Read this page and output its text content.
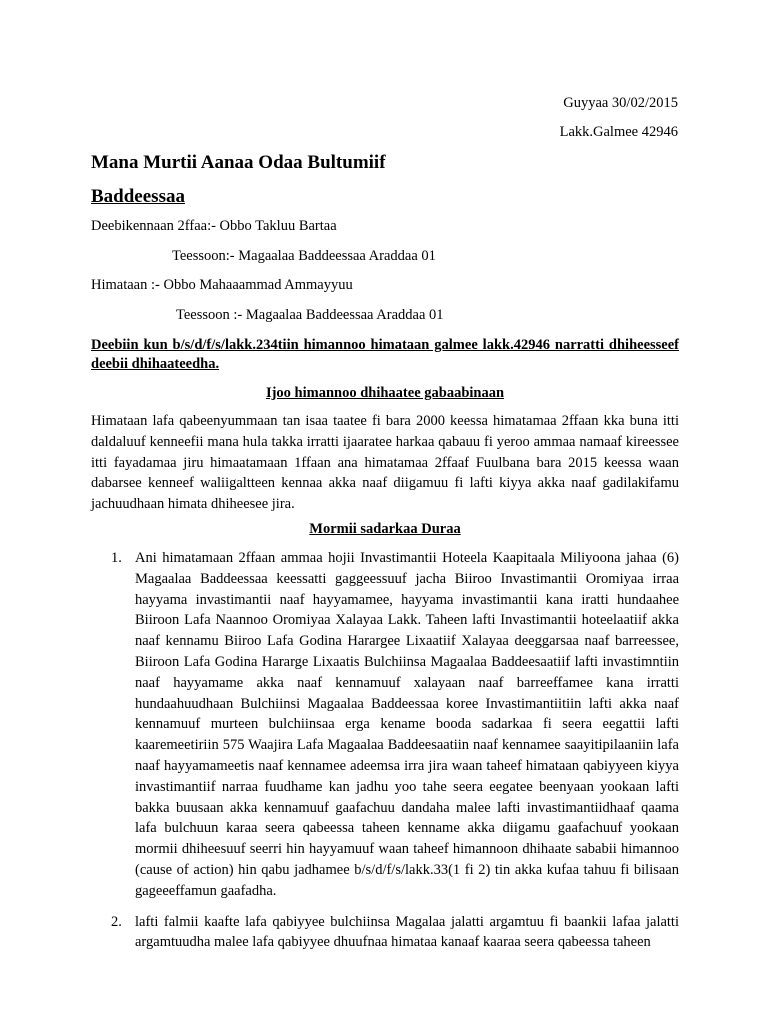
Guyyaa 30/02/2015
Lakk.Galmee 42946
Mana Murtii Aanaa Odaa Bultumiif
Baddeessaa
Deebikennaan 2ffaa:- Obbo Takluu Bartaa
Teessoon:- Magaalaa Baddeessaa Araddaa 01
Himataan :- Obbo Mahaaammad Ammayyuu
Teessoon :- Magaalaa Baddeessaa Araddaa 01
Deebiin kun b/s/d/f/s/lakk.234tiin himannoo himataan galmee lakk.42946 narratti dhiheesseef deebii dhihaateedha.
Ijoo himannoo dhihaatee gabaabinaan

Himataan lafa qabeenyummaan tan isaa taatee fi bara 2000 keessa himatamaa 2ffaan kka buna itti daldaluuf kenneefii mana hula takka irratti ijaaratee harkaa qabauu fi yeroo ammaa namaaf kireessee itti fayadamaa jiru himaatamaan 1ffaan ana himatamaa 2ffaaf Fuulbana bara 2015 keessa waan dabarsee kenneef waliigaltteen kennaa akka naaf diigamuu fi lafti kiyya akka naaf gadilakifamu jachuudhaan himata dhiheesee jira.

Mormii sadarkaa Duraa
1. Ani himatamaan 2ffaan ammaa hojii Invastimantii Hoteela Kaapitaala Miliyoona jahaa (6) Magaalaa Baddeessaa keessatti gaggeessuuf jacha Biiroo Invastimantii Oromiyaa irraa hayyama invastimantii naaf hayyamamee, hayyama invastimantii kana iratti hundaahee Biiroon Lafa Naannoo Oromiyaa Xalayaa Lakk. Taheen lafti Invastimantii hoteelaatiif akka naaf kennamu Biiroo Lafa Godina Harargee Lixaatiif Xalayaa deeggarsaa naaf barreessee, Biiroon Lafa Godina Hararge Lixaatis Bulchiinsa Magaalaa Baddeesaatiif lafti invastimntiin naaf hayyamame akka naaf kennamuuf xalayaan naaf barreeffamee kana irratti hundaahuudhaan Bulchiinsi Magaalaa Baddeessaa koree Invastimantiitiin lafti akka naaf kennamuuf murteen bulchiinsaa erga kename booda sadarkaa fi seera eegattii lafti kaaremeetiriin 575 Waajira Lafa Magaalaa Baddeesaatiin naaf kennamee saayitipilaaniin lafa naaf hayyamameetis naaf kennamee adeemsa irra jira waan taheef himataan qabiyyeen kiyya invastimantiif narraa fuudhame kan jadhu yoo tahe seera eegatee beenyaan yookaan lafti bakka buusaan akka kennamuuf gaafachuu dandaha malee lafti invastimantiidhaaf qaama lafa bulchuun karaa seera qabeessa taheen kenname akka diigamu gaafachuuf yookaan mormii dhiheesuuf seerri hin hayyamuuf waan taheef himannoon dhihaate sababii himannoo (cause of action) hin qabu jadhamee b/s/d/f/s/lakk.33(1 fi 2) tin akka kufaa tahuu fi bilisaan gageeeffamun gaafadha.
2. lafti falmii kaafte lafa qabiyyee bulchiinsa Magalaa jalatti argamtuu fi baankii lafaa jalatti argamtuudha malee lafa qabiyyee dhuufnaa himataa kanaaf kaaraa seera qabeessa taheen
